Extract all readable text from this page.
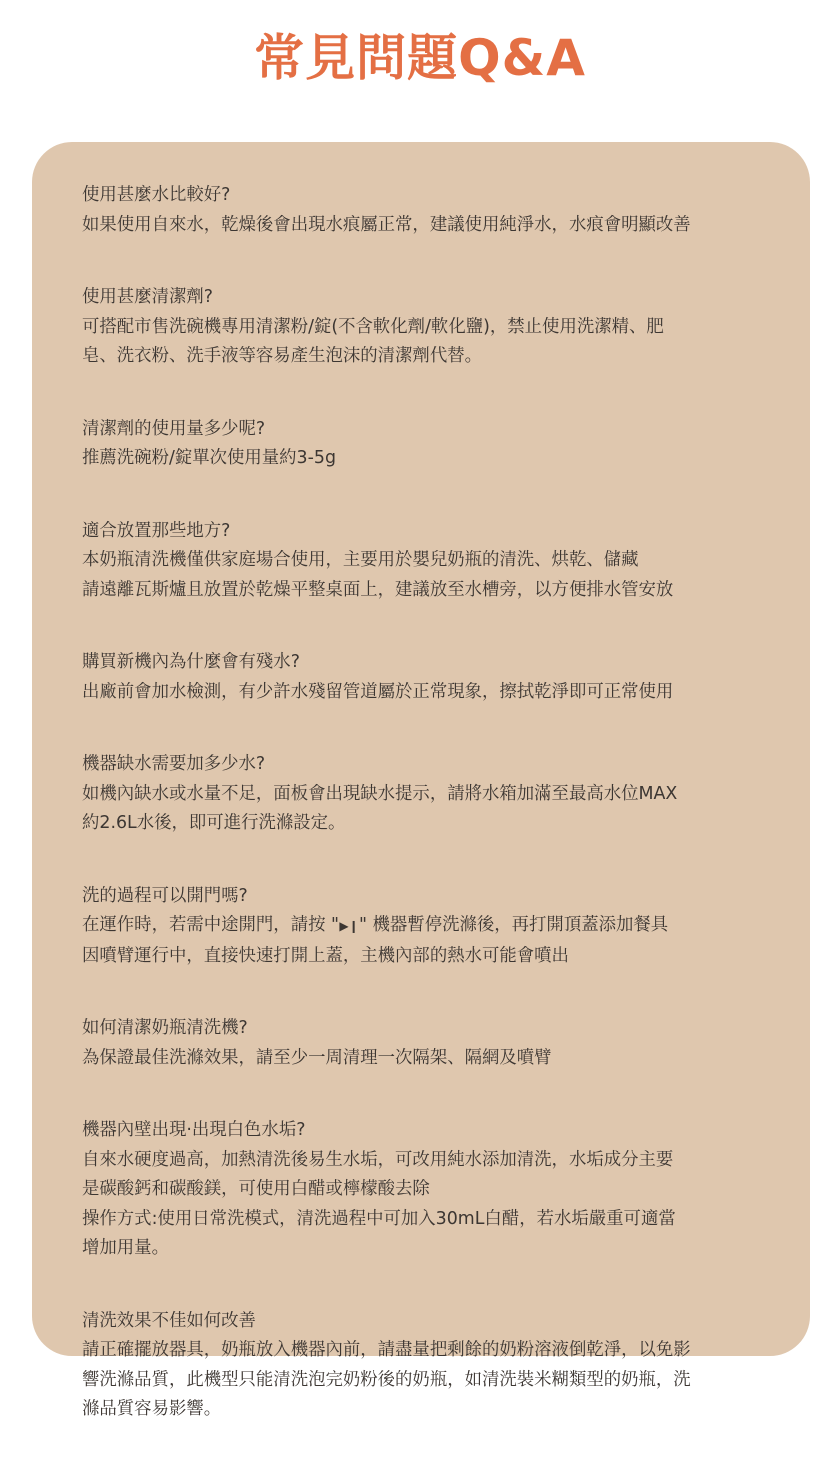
常見問題Q&A
使用甚麼水比較好?
如果使用自來水，乾燥後會出現水痕屬正常，建議使用純淨水，水痕會明顯改善
使用甚麼清潔劑?
可搭配市售洗碗機專用清潔粉/錠(不含軟化劑/軟化鹽)，禁止使用洗潔精、肥
皂、洗衣粉、洗手液等容易產生泡沫的清潔劑代替。
清潔劑的使用量多少呢?
推薦洗碗粉/錠單次使用量約3-5g
適合放置那些地方?
本奶瓶清洗機僅供家庭場合使用，主要用於嬰兒奶瓶的清洗、烘乾、儲藏
請遠離瓦斯爐且放置於乾燥平整桌面上，建議放至水槽旁，以方便排水管安放
購買新機內為什麼會有殘水?
出廠前會加水檢測，有少許水殘留管道屬於正常現象，擦拭乾淨即可正常使用
機器缺水需要加多少水?
如機內缺水或水量不足，面板會出現缺水提示，請將水箱加滿至最高水位MAX
約2.6L水後，即可進行洗滌設定。
洗的過程可以開門嗎?
在運作時，若需中途開門，請按 "▶❙" 機器暫停洗滌後，再打開頂蓋添加餐具
因噴臂運行中，直接快速打開上蓋，主機內部的熱水可能會噴出
如何清潔奶瓶清洗機?
為保證最佳洗滌效果，請至少一周清理一次隔架、隔網及噴臂
機器內壁出現·出現白色水垢?
自來水硬度過高，加熱清洗後易生水垢，可改用純水添加清洗，水垢成分主要
是碳酸鈣和碳酸鎂，可使用白醋或檸檬酸去除
操作方式:使用日常洗模式，清洗過程中可加入30mL白醋，若水垢嚴重可適當
增加用量。
清洗效果不佳如何改善
請正確擺放器具，奶瓶放入機器內前，請盡量把剩餘的奶粉溶液倒乾淨，以免影
響洗滌品質，此機型只能清洗泡完奶粉後的奶瓶，如清洗裝米糊類型的奶瓶，洗
滌品質容易影響。
